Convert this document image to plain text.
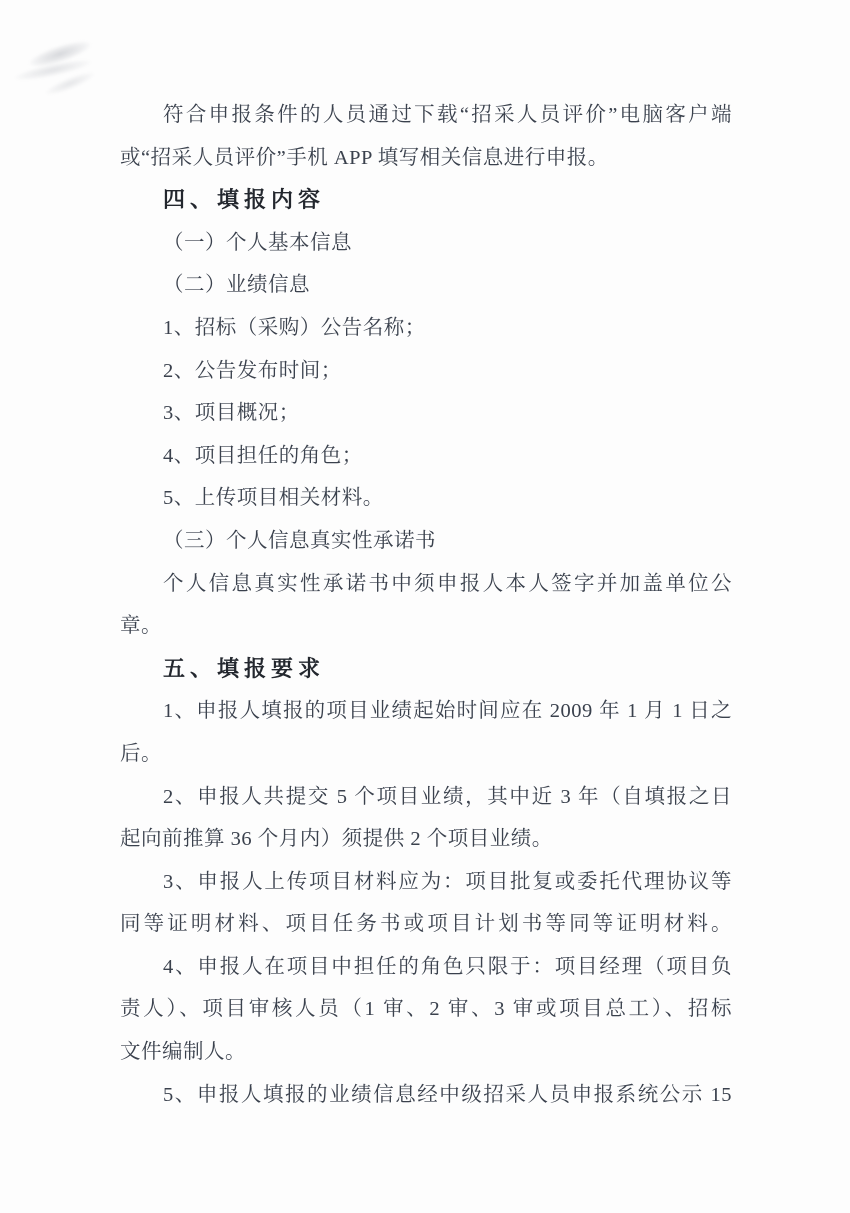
符合申报条件的人员通过下载“招采人员评价”电脑客户端
或“招采人员评价”手机 APP 填写相关信息进行申报。
四、填报内容
（一）个人基本信息
（二）业绩信息
1、招标（采购）公告名称；
2、公告发布时间；
3、项目概况；
4、项目担任的角色；
5、上传项目相关材料。
（三）个人信息真实性承诺书
个人信息真实性承诺书中须申报人本人签字并加盖单位公
章。
五、填报要求
1、申报人填报的项目业绩起始时间应在 2009 年 1 月 1 日之
后。
2、申报人共提交 5 个项目业绩，其中近 3 年（自填报之日
起向前推算 36 个月内）须提供 2 个项目业绩。
3、申报人上传项目材料应为：项目批复或委托代理协议等
同等证明材料、项目任务书或项目计划书等同等证明材料。
4、申报人在项目中担任的角色只限于：项目经理（项目负
责人）、项目审核人员（1 审、2 审、3 审或项目总工）、招标
文件编制人。
5、申报人填报的业绩信息经中级招采人员申报系统公示 15
